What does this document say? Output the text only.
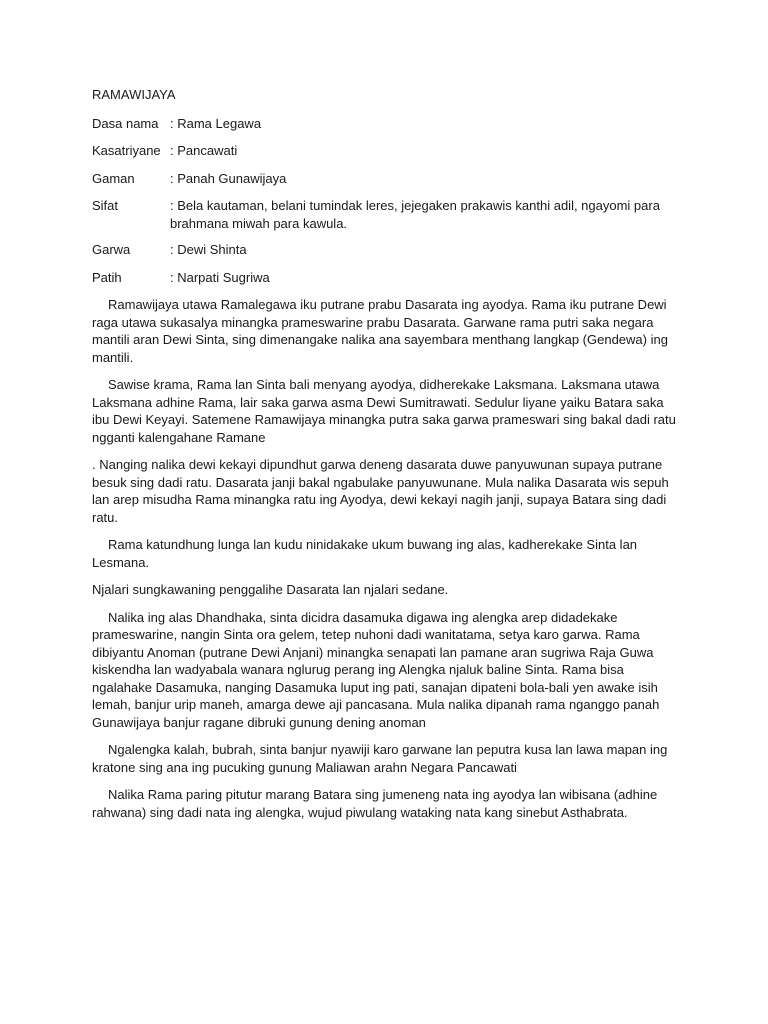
RAMAWIJAYA
Dasa nama : Rama Legawa
Kasatriyane : Pancawati
Gaman	: Panah Gunawijaya
Sifat	: Bela kautaman, belani tumindak leres, jejegaken prakawis kanthi adil, ngayomi para brahmana miwah para kawula.
Garwa	: Dewi Shinta
Patih	: Narpati Sugriwa

Ramawijaya utawa Ramalegawa iku putrane prabu Dasarata ing ayodya. Rama iku putrane Dewi raga utawa sukasalya minangka prameswarine prabu Dasarata. Garwane rama putri saka negara mantili aran Dewi Sinta, sing dimenangake nalika ana sayembara menthang langkap (Gendewa) ing mantili.

Sawise krama, Rama lan Sinta bali menyang ayodya, didherekake Laksmana. Laksmana utawa Laksmana adhine Rama, lair saka garwa asma Dewi Sumitrawati. Sedulur liyane yaiku Batara saka ibu Dewi Keyayi. Satemene Ramawijaya minangka putra saka garwa prameswari sing bakal dadi ratu ngganti kalengahane Ramane

. Nanging nalika dewi kekayi dipundhut garwa deneng dasarata duwe panyuwunan supaya putrane besuk sing dadi ratu. Dasarata janji bakal ngabulake panyuwunane. Mula nalika Dasarata wis sepuh lan arep misudha Rama minangka ratu ing Ayodya, dewi kekayi nagih janji, supaya Batara sing dadi ratu.

Rama katundhung lunga lan kudu ninidakake ukum buwang ing alas, kadherekake Sinta lan Lesmana.

Njalari sungkawaning penggalihe Dasarata lan njalari sedane.

Nalika ing alas Dhandhaka, sinta dicidra dasamuka digawa ing alengka arep didadekake prameswarine, nangin Sinta ora gelem, tetep nuhoni dadi wanitatama, setya karo garwa. Rama dibiyantu Anoman (putrane Dewi Anjani) minangka senapati lan pamane aran sugriwa Raja Guwa kiskendha lan wadyabala wanara nglurug perang ing Alengka njaluk baline Sinta. Rama bisa ngalahake Dasamuka, nanging Dasamuka luput ing pati, sanajan dipateni bola-bali yen awake isih lemah, banjur urip maneh, amarga dewe aji pancasana. Mula nalika dipanah rama nganggo panah Gunawijaya banjur ragane dibruki gunung dening anoman

Ngalengka kalah, bubrah, sinta banjur nyawiji karo garwane lan peputra kusa lan lawa mapan ing kratone sing ana ing pucuking gunung Maliawan arahn Negara Pancawati

Nalika Rama paring pitutur marang Batara sing jumeneng nata ing ayodya lan wibisana (adhine rahwana) sing dadi nata ing alengka, wujud piwulang wataking nata kang sinebut Asthabrata.
